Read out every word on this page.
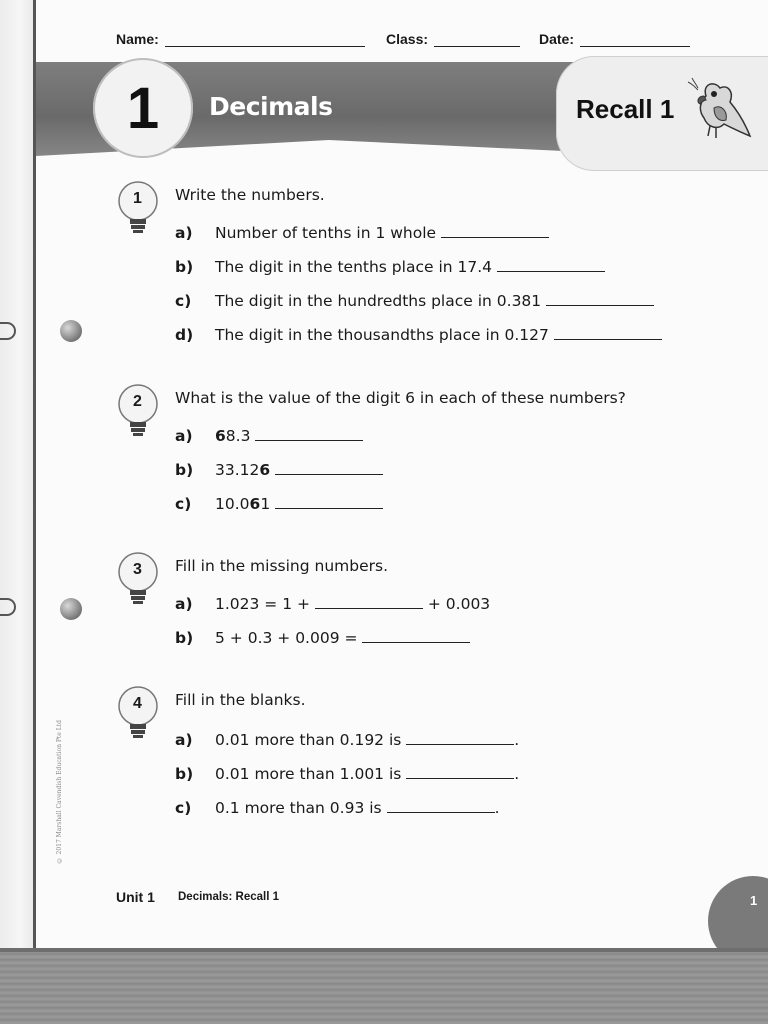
© 2017 Marshall Cavendish Education Pte Ltd
Name:	Class:	Date:
1 Decimals	Recall 1
1 Write the numbers.
a) Number of tenths in 1 whole
b) The digit in the tenths place in 17.4
c) The digit in the hundredths place in 0.381
d) The digit in the thousandths place in 0.127
2 What is the value of the digit 6 in each of these numbers?
a) 68.3
b) 33.126
c) 10.061
3 Fill in the missing numbers.
a) 1.023 = 1 +	+ 0.003
b) 5 + 0.3 + 0.009 =
4 Fill in the blanks.
a) 0.01 more than 0.192 is	.
b) 0.01 more than 1.001 is	.
c) 0.1 more than 0.93 is	.
Unit 1 Decimals: Recall 1	1
